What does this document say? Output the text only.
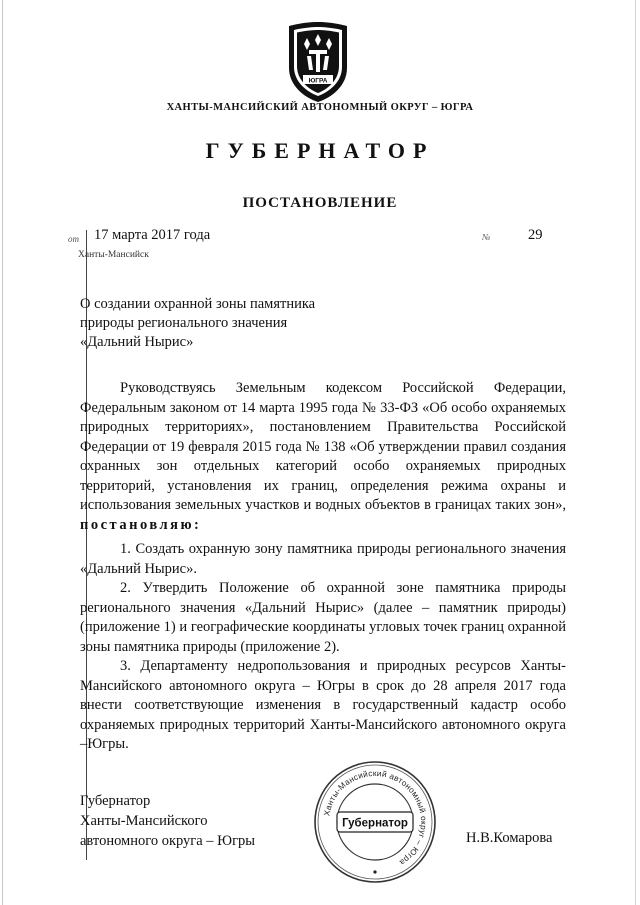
ЮГРА
ХАНТЫ-МАНСИЙСКИЙ АВТОНОМНЫЙ ОКРУГ – ЮГРА
ГУБЕРНАТОР
ПОСТАНОВЛЕНИЕ
от 17 марта 2017 года	№	29
Ханты-Мансийск
О создании охранной зоны памятника
природы регионального значения
«Дальний Нырис»

Руководствуясь Земельным кодексом Российской Федерации, Федеральным законом от 14 марта 1995 года № 33-ФЗ «Об особо охраняемых природных территориях», постановлением Правительства Российской Федерации от 19 февраля 2015 года № 138 «Об утверждении правил создания охранных зон отдельных категорий особо охраняемых природных территорий, установления их границ, определения режима охраны и использования земельных участков и водных объектов в границах таких зон», постановляю:

1. Создать охранную зону памятника природы регионального значения «Дальний Нырис».

2. Утвердить Положение об охранной зоне памятника природы регионального значения «Дальний Нырис» (далее – памятник природы) (приложение 1) и географические координаты угловых точек границ охранной зоны памятника природы (приложение 2).

3. Департаменту недропользования и природных ресурсов Ханты-Мансийского автономного округа – Югры в срок до 28 апреля 2017 года внести соответствующие изменения в государственный кадастр особо охраняемых природных территорий Ханты-Мансийского автономного округа –Югры.

Губернатор
Ханты-Мансийского
автономного округа – Югры	Н.В.Комарова
Ханты-Мансийский автономный округ – Югра
Губернатор
